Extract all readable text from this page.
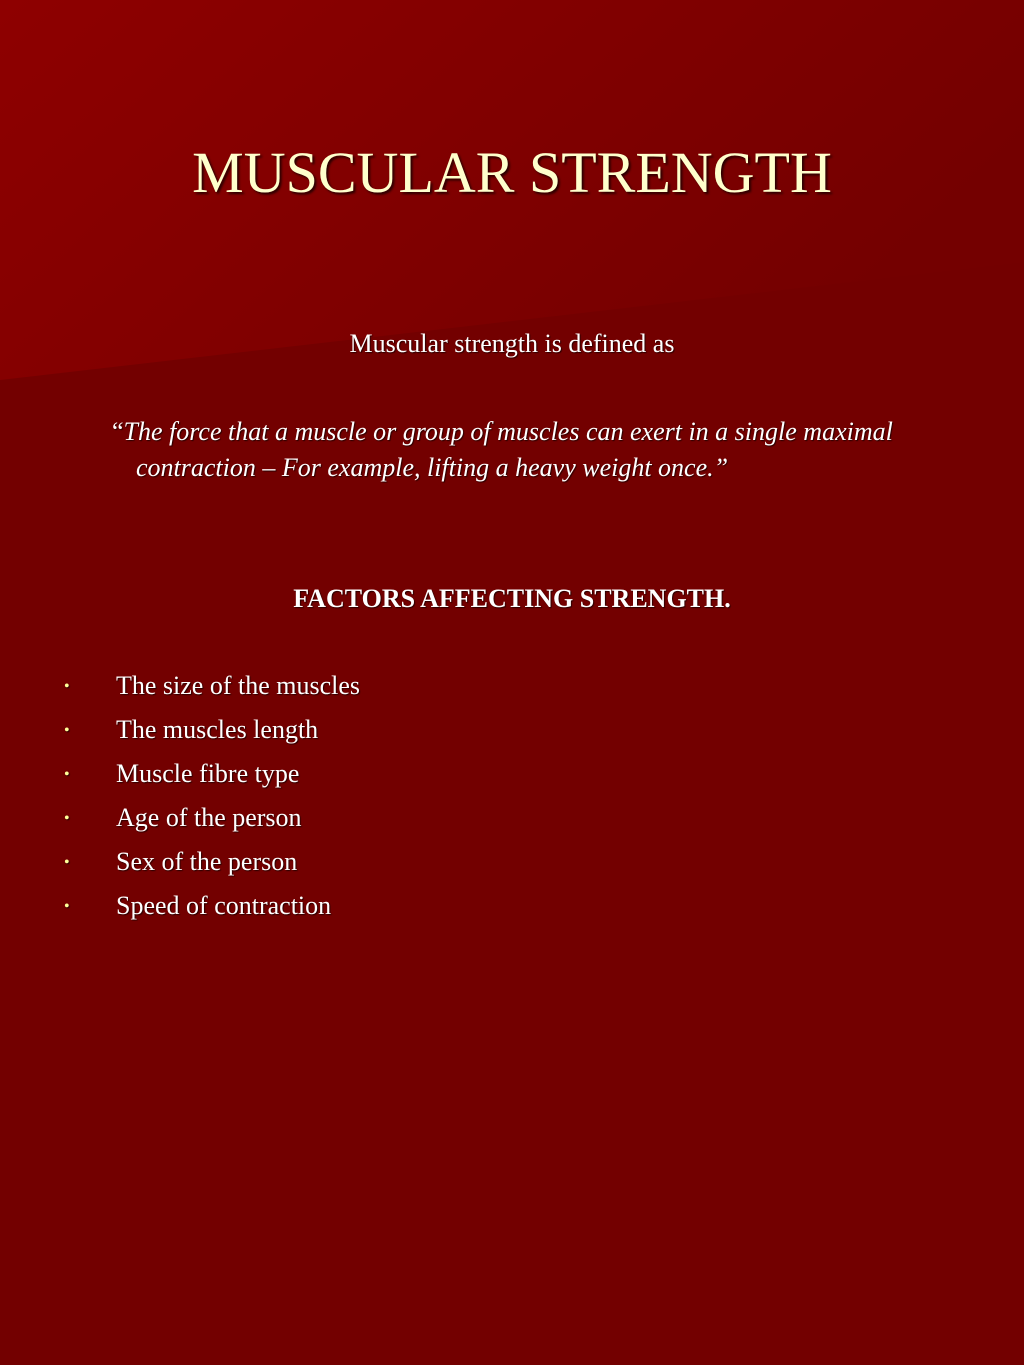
MUSCULAR STRENGTH

Muscular strength is defined as

“The force that a muscle or group of muscles can exert in a single maximal contraction – For example, lifting a heavy weight once.”

FACTORS AFFECTING STRENGTH.

• The size of the muscles
• The muscles length
• Muscle fibre type
• Age of the person
• Sex of the person
• Speed of contraction
